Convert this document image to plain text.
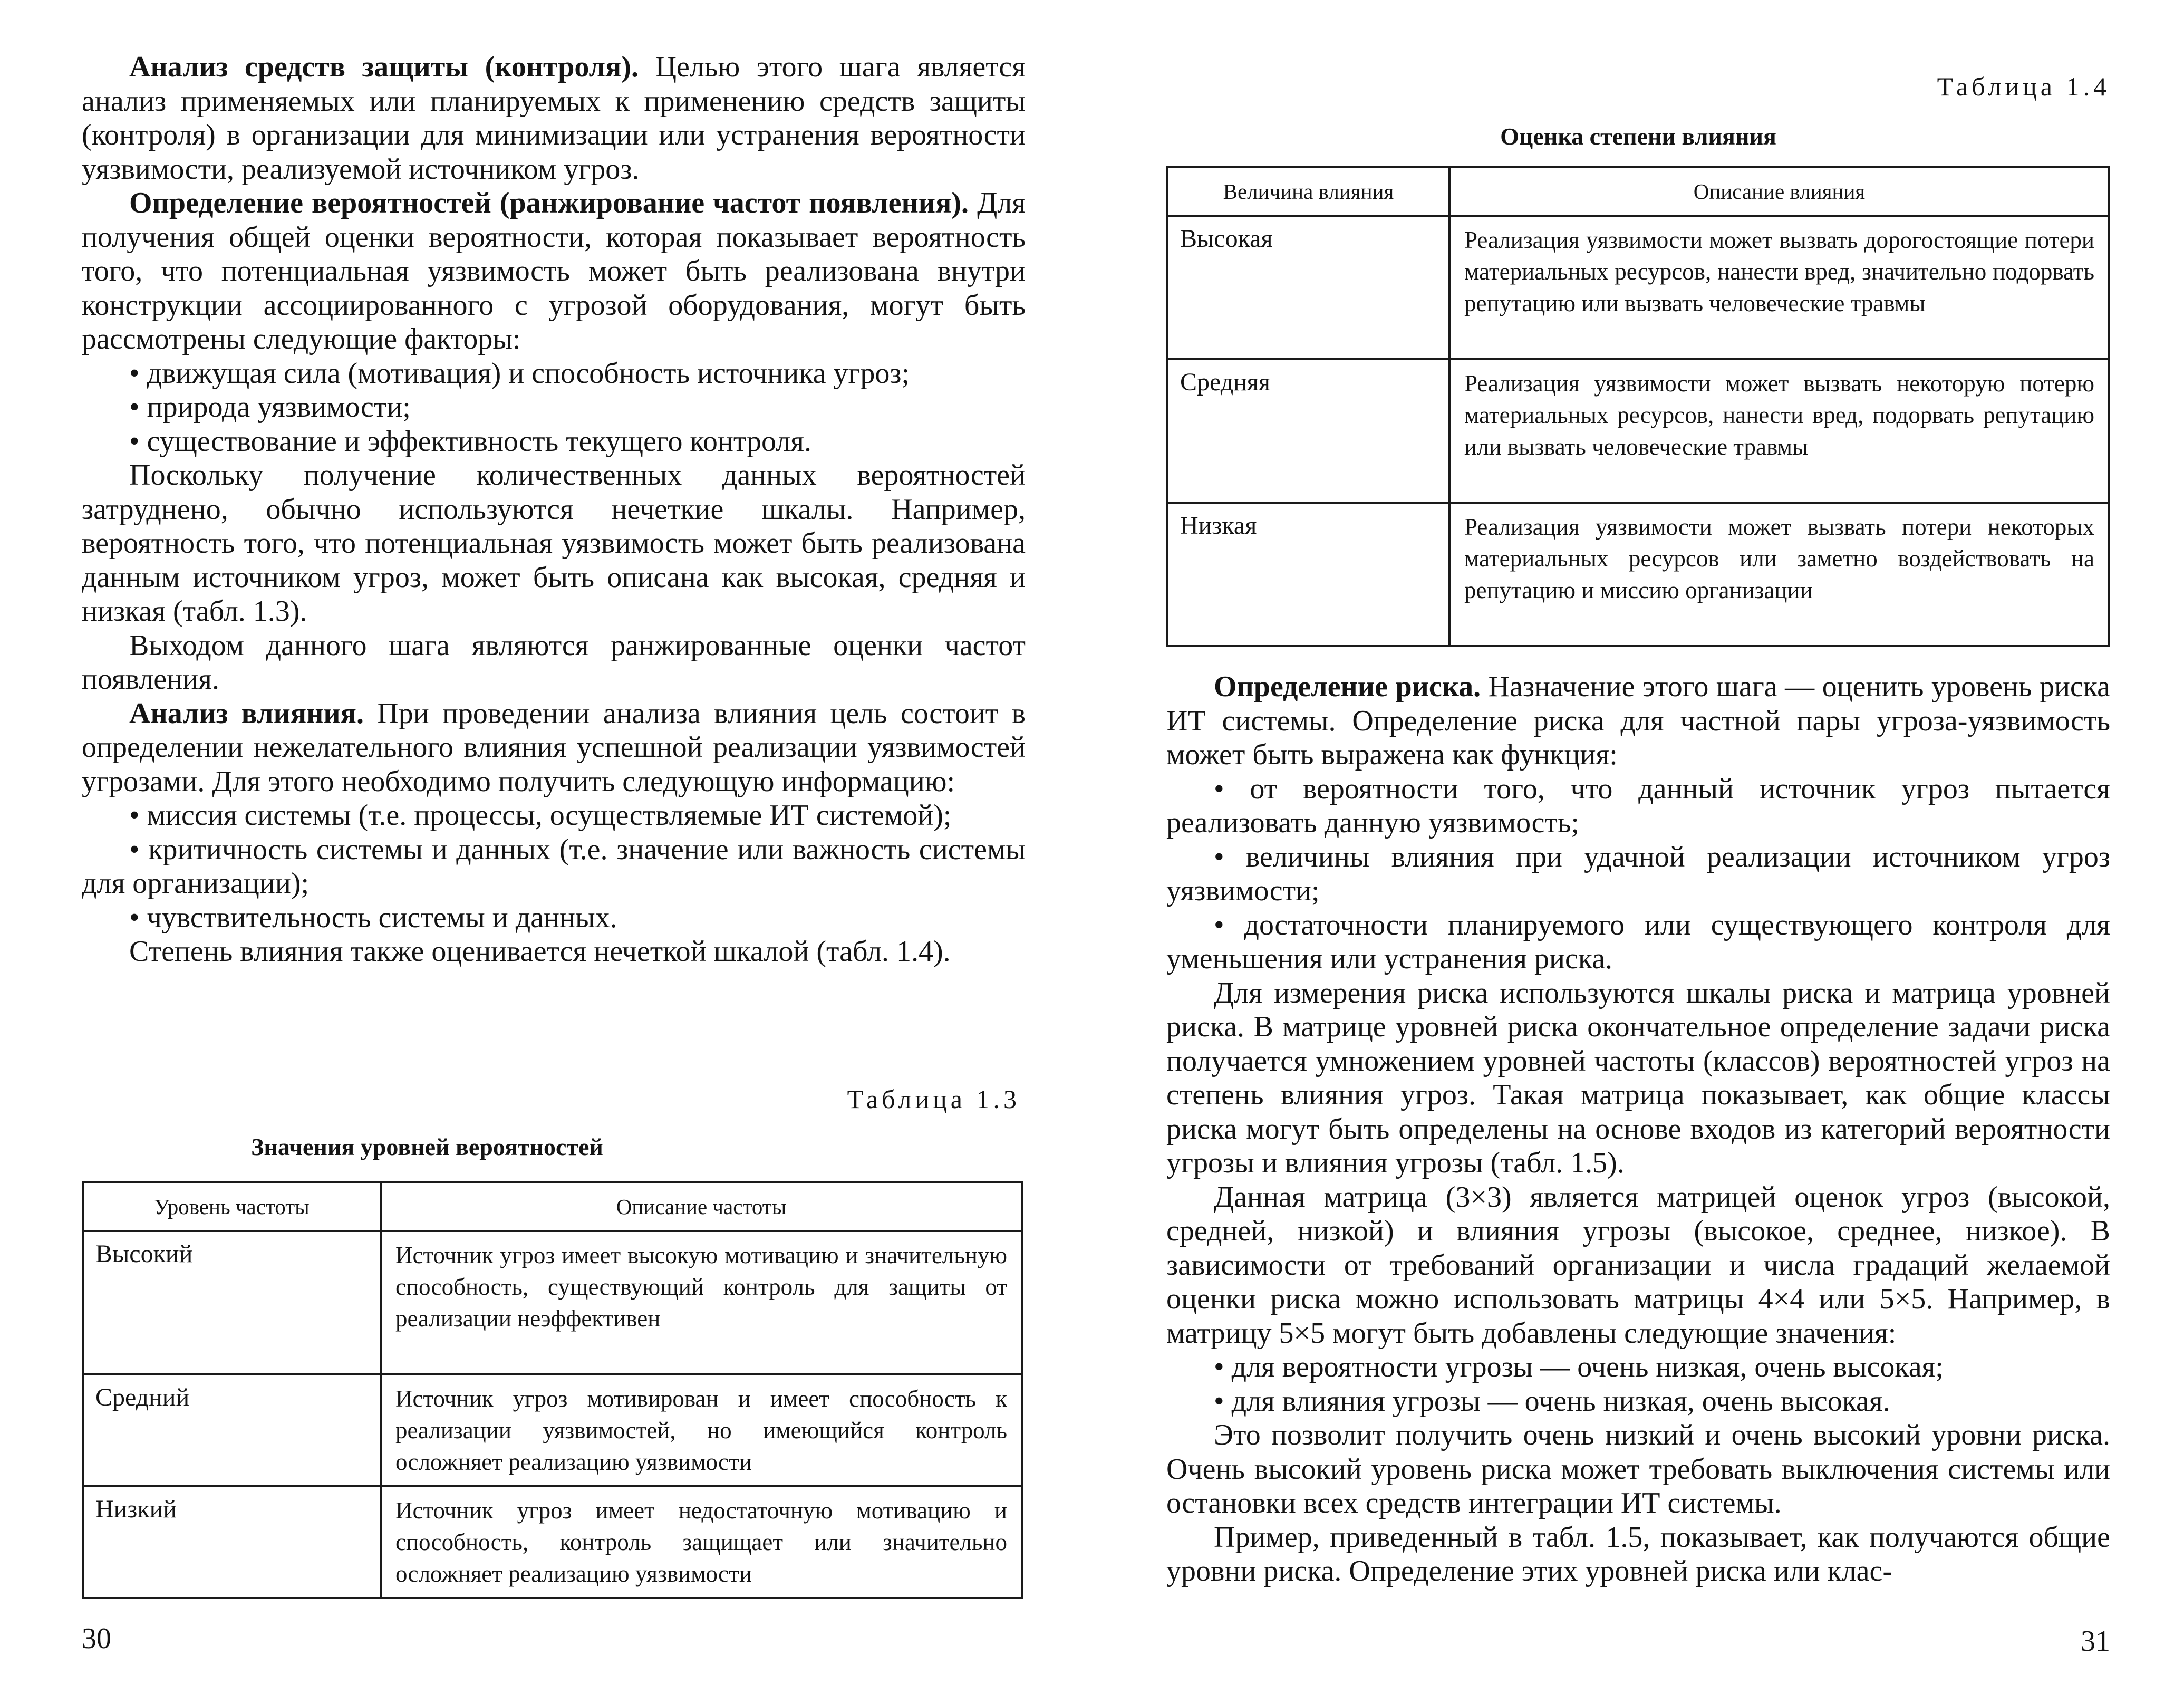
Анализ средств защиты (контроля). Целью этого шага является анализ применяемых или планируемых к применению средств защиты (контроля) в организации для минимизации или устранения вероятности уязвимости, реализуемой источником угроз.

Определение вероятностей (ранжирование частот появления). Для получения общей оценки вероятности, которая показывает вероятность того, что потенциальная уязвимость может быть реализована внутри конструкции ассоциированного с угрозой оборудования, могут быть рассмотрены следующие факторы:

• движущая сила (мотивация) и способность источника угроз;

• природа уязвимости;

• существование и эффективность текущего контроля.

Поскольку получение количественных данных вероятностей затруднено, обычно используются нечеткие шкалы. Например, вероятность того, что потенциальная уязвимость может быть реализована данным источником угроз, может быть описана как высокая, средняя и низкая (табл. 1.3).

Выходом данного шага являются ранжированные оценки частот появления.

Анализ влияния. При проведении анализа влияния цель состоит в определении нежелательного влияния успешной реализации уязвимостей угрозами. Для этого необходимо получить следующую информацию:

• миссия системы (т.е. процессы, осуществляемые ИТ системой);

• критичность системы и данных (т.е. значение или важность системы для организации);

• чувствительность системы и данных.

Степень влияния также оценивается нечеткой шкалой (табл. 1.4).

Таблица 1.3
Значения уровней вероятностей
Уровень частоты	Описание частоты
Высокий	Источник угроз имеет высокую мотивацию и значительную способность, существующий контроль для защиты от реализации неэффективен
Средний	Источник угроз мотивирован и имеет способность к реализации уязвимостей, но имеющийся контроль осложняет реализацию уязвимости
Низкий	Источник угроз имеет недостаточную мотивацию и способность, контроль защищает или значительно осложняет реализацию уязвимости
30
Таблица 1.4
Оценка степени влияния
Величина влияния	Описание влияния
Высокая	Реализация уязвимости может вызвать дорогостоящие потери материальных ресурсов, нанести вред, значительно подорвать репутацию или вызвать человеческие травмы
Средняя	Реализация уязвимости может вызвать некоторую потерю материальных ресурсов, нанести вред, подорвать репутацию или вызвать человеческие травмы
Низкая	Реализация уязвимости может вызвать потери некоторых материальных ресурсов или заметно воздействовать на репутацию и миссию организации

Определение риска. Назначение этого шага — оценить уровень риска ИТ системы. Определение риска для частной пары угроза-уязвимость может быть выражена как функция:

• от вероятности того, что данный источник угроз пытается реализовать данную уязвимость;

• величины влияния при удачной реализации источником угроз уязвимости;

• достаточности планируемого или существующего контроля для уменьшения или устранения риска.

Для измерения риска используются шкалы риска и матрица уровней риска. В матрице уровней риска окончательное определение задачи риска получается умножением уровней частоты (классов) вероятностей угроз на степень влияния угроз. Такая матрица показывает, как общие классы риска могут быть определены на основе входов из категорий вероятности угрозы и влияния угрозы (табл. 1.5).

Данная матрица (3×3) является матрицей оценок угроз (высокой, средней, низкой) и влияния угрозы (высокое, среднее, низкое). В зависимости от требований организации и числа градаций желаемой оценки риска можно использовать матрицы 4×4 или 5×5. Например, в матрицу 5×5 могут быть добавлены следующие значения:

• для вероятности угрозы — очень низкая, очень высокая;

• для влияния угрозы — очень низкая, очень высокая.

Это позволит получить очень низкий и очень высокий уровни риска. Очень высокий уровень риска может требовать выключения системы или остановки всех средств интеграции ИТ системы.

Пример, приведенный в табл. 1.5, показывает, как получаются общие уровни риска. Определение этих уровней риска или клас-

31
